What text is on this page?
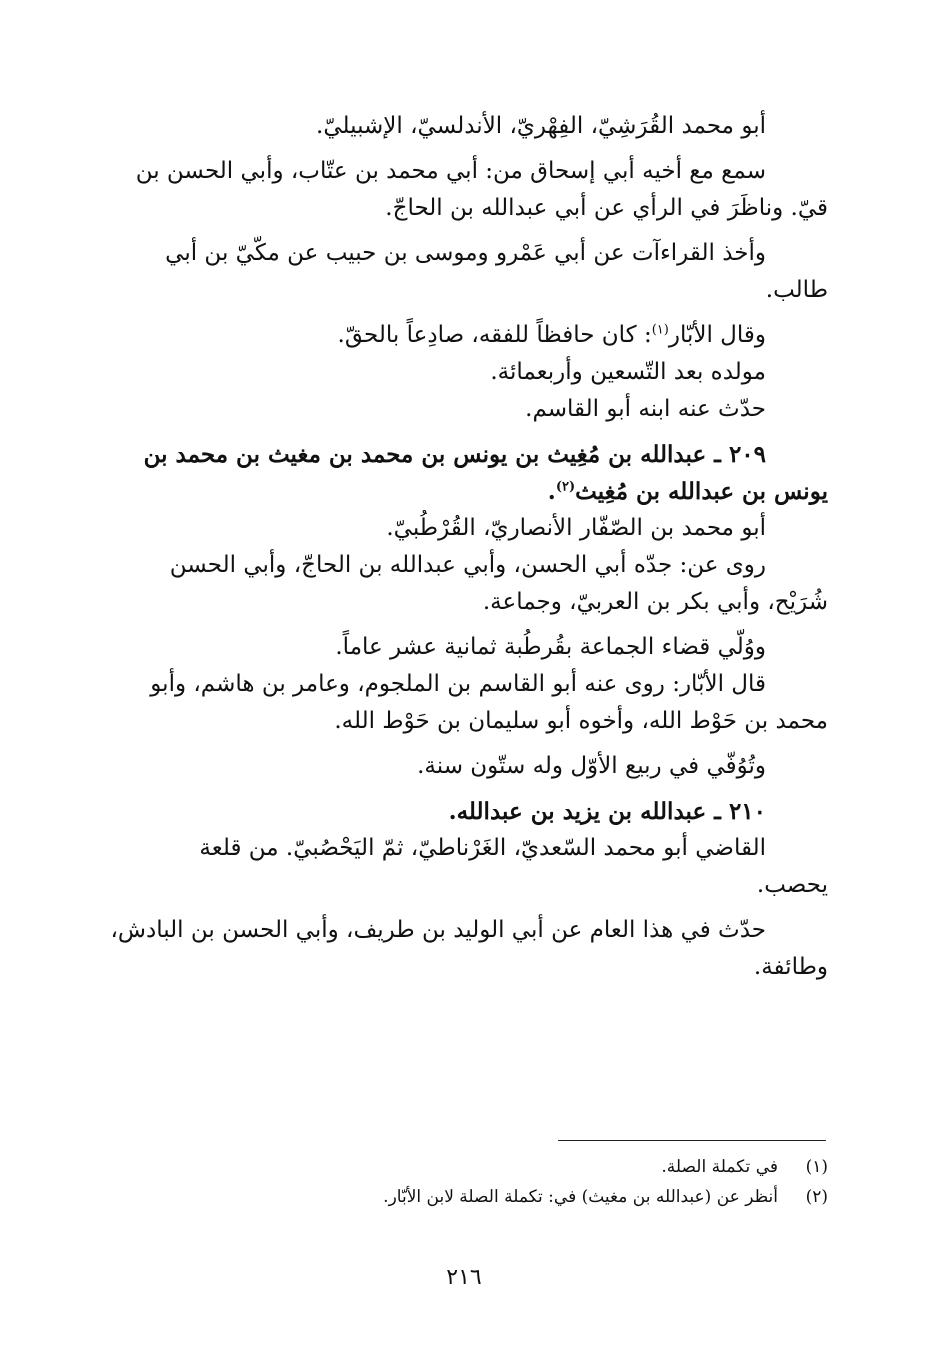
أبو محمد القُرَشِيّ، الفِهْريّ، الأندلسيّ، الإشبيليّ.
سمع مع أخيه أبي إسحاق من: أبي محمد بن عتّاب، وأبي الحسن بن
قيّ. وناظَرَ في الرأي عن أبي عبدالله بن الحاجّ.
وأخذ القراءآت عن أبي عَمْرو وموسى بن حبيب عن مكّيّ بن أبي
طالب.
وقال الأبّار$^{(١)}$: كان حافظاً للفقه، صادِعاً بالحقّ.
مولده بعد التّسعين وأربعمائة.
حدّث عنه ابنه أبو القاسم.
٢٠٩ ـ عبدالله بن مُغِيث بن يونس بن محمد بن مغيث بن محمد بن
يونس بن عبدالله بن مُغِيث$^{(٢)}$.
أبو محمد بن الصّفّار الأنصاريّ، القُرْطُبيّ.
روى عن: جدّه أبي الحسن، وأبي عبدالله بن الحاجّ، وأبي الحسن
شُرَيْح، وأبي بكر بن العربيّ، وجماعة.
ووُلّي قضاء الجماعة بقُرطُبة ثمانية عشر عاماً.
قال الأبّار: روى عنه أبو القاسم بن الملجوم، وعامر بن هاشم، وأبو
محمد بن حَوْط الله، وأخوه أبو سليمان بن حَوْط الله.
وتُوُفّي في ربيع الأوّل وله ستّون سنة.
٢١٠ ـ عبدالله بن يزيد بن عبدالله.
القاضي أبو محمد السّعديّ، الغَرْناطيّ، ثمّ اليَحْصُبيّ. من قلعة
يحصب.
حدّث في هذا العام عن أبي الوليد بن طريف، وأبي الحسن بن البادش،
وطائفة.
(١)
في تكملة الصلة.
(٢)
أنظر عن (عبدالله بن مغيث) في: تكملة الصلة لابن الأبّار.
٢١٦
